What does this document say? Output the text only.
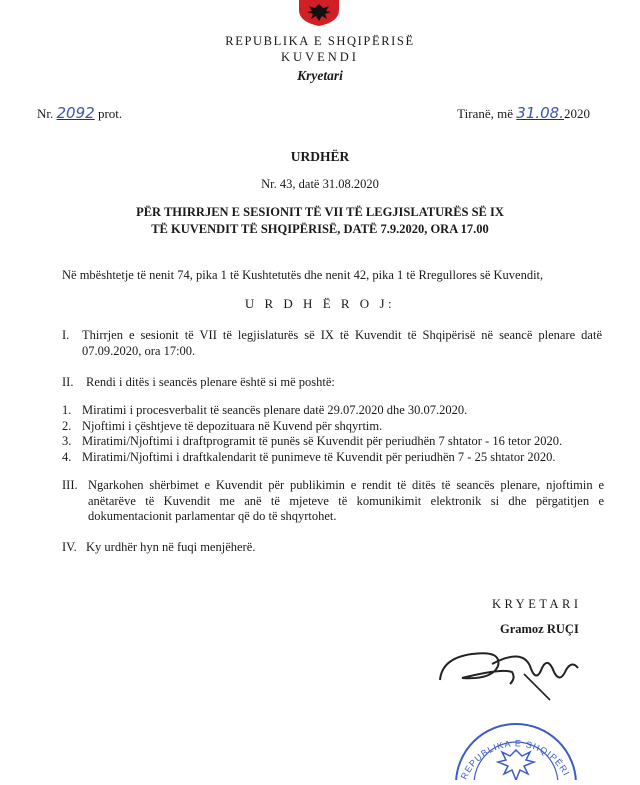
REPUBLIKA E SHQIPËRISË
KUVENDI
Kryetari
Nr. 2092 prot.	Tiranë, më 31.08.2020
URDHËR
Nr. 43, datë 31.08.2020
PËR THIRRJEN E SESIONIT TË VII TË LEGJISLATURËS SË IX
TË KUVENDIT TË SHQIPËRISË, DATË 7.9.2020, ORA 17.00
Në mbështetje të nenit 74, pika 1 të Kushtetutës dhe nenit 42, pika 1 të Rregullores së Kuvendit,
U R D H Ë R O J:
I.	Thirrjen e sesionit të VII të legjislaturës së IX të Kuvendit të Shqipërisë në seancë plenare datë 07.09.2020, ora 17:00.
II.	Rendi i ditës i seancës plenare është si më poshtë:
1. Miratimi i procesverbalit të seancës plenare datë 29.07.2020 dhe 30.07.2020.
2. Njoftimi i çështjeve të depozituara në Kuvend për shqyrtim.
3. Miratimi/Njoftimi i draftprogramit të punës së Kuvendit për periudhën 7 shtator - 16 tetor 2020.
4. Miratimi/Njoftimi i draftkalendarit të punimeve të Kuvendit për periudhën 7 - 25 shtator 2020.
III. Ngarkohen shërbimet e Kuvendit për publikimin e rendit të ditës të seancës plenare, njoftimin e anëtarëve të Kuvendit me anë të mjeteve të komunikimit elektronik si dhe përgatitjen e dokumentacionit parlamentar që do të shqyrtohet.
IV. Ky urdhër hyn në fuqi menjëherë.
KRYETARI
Gramoz RUÇI
REPUBLIKA E SHQIPËRI
